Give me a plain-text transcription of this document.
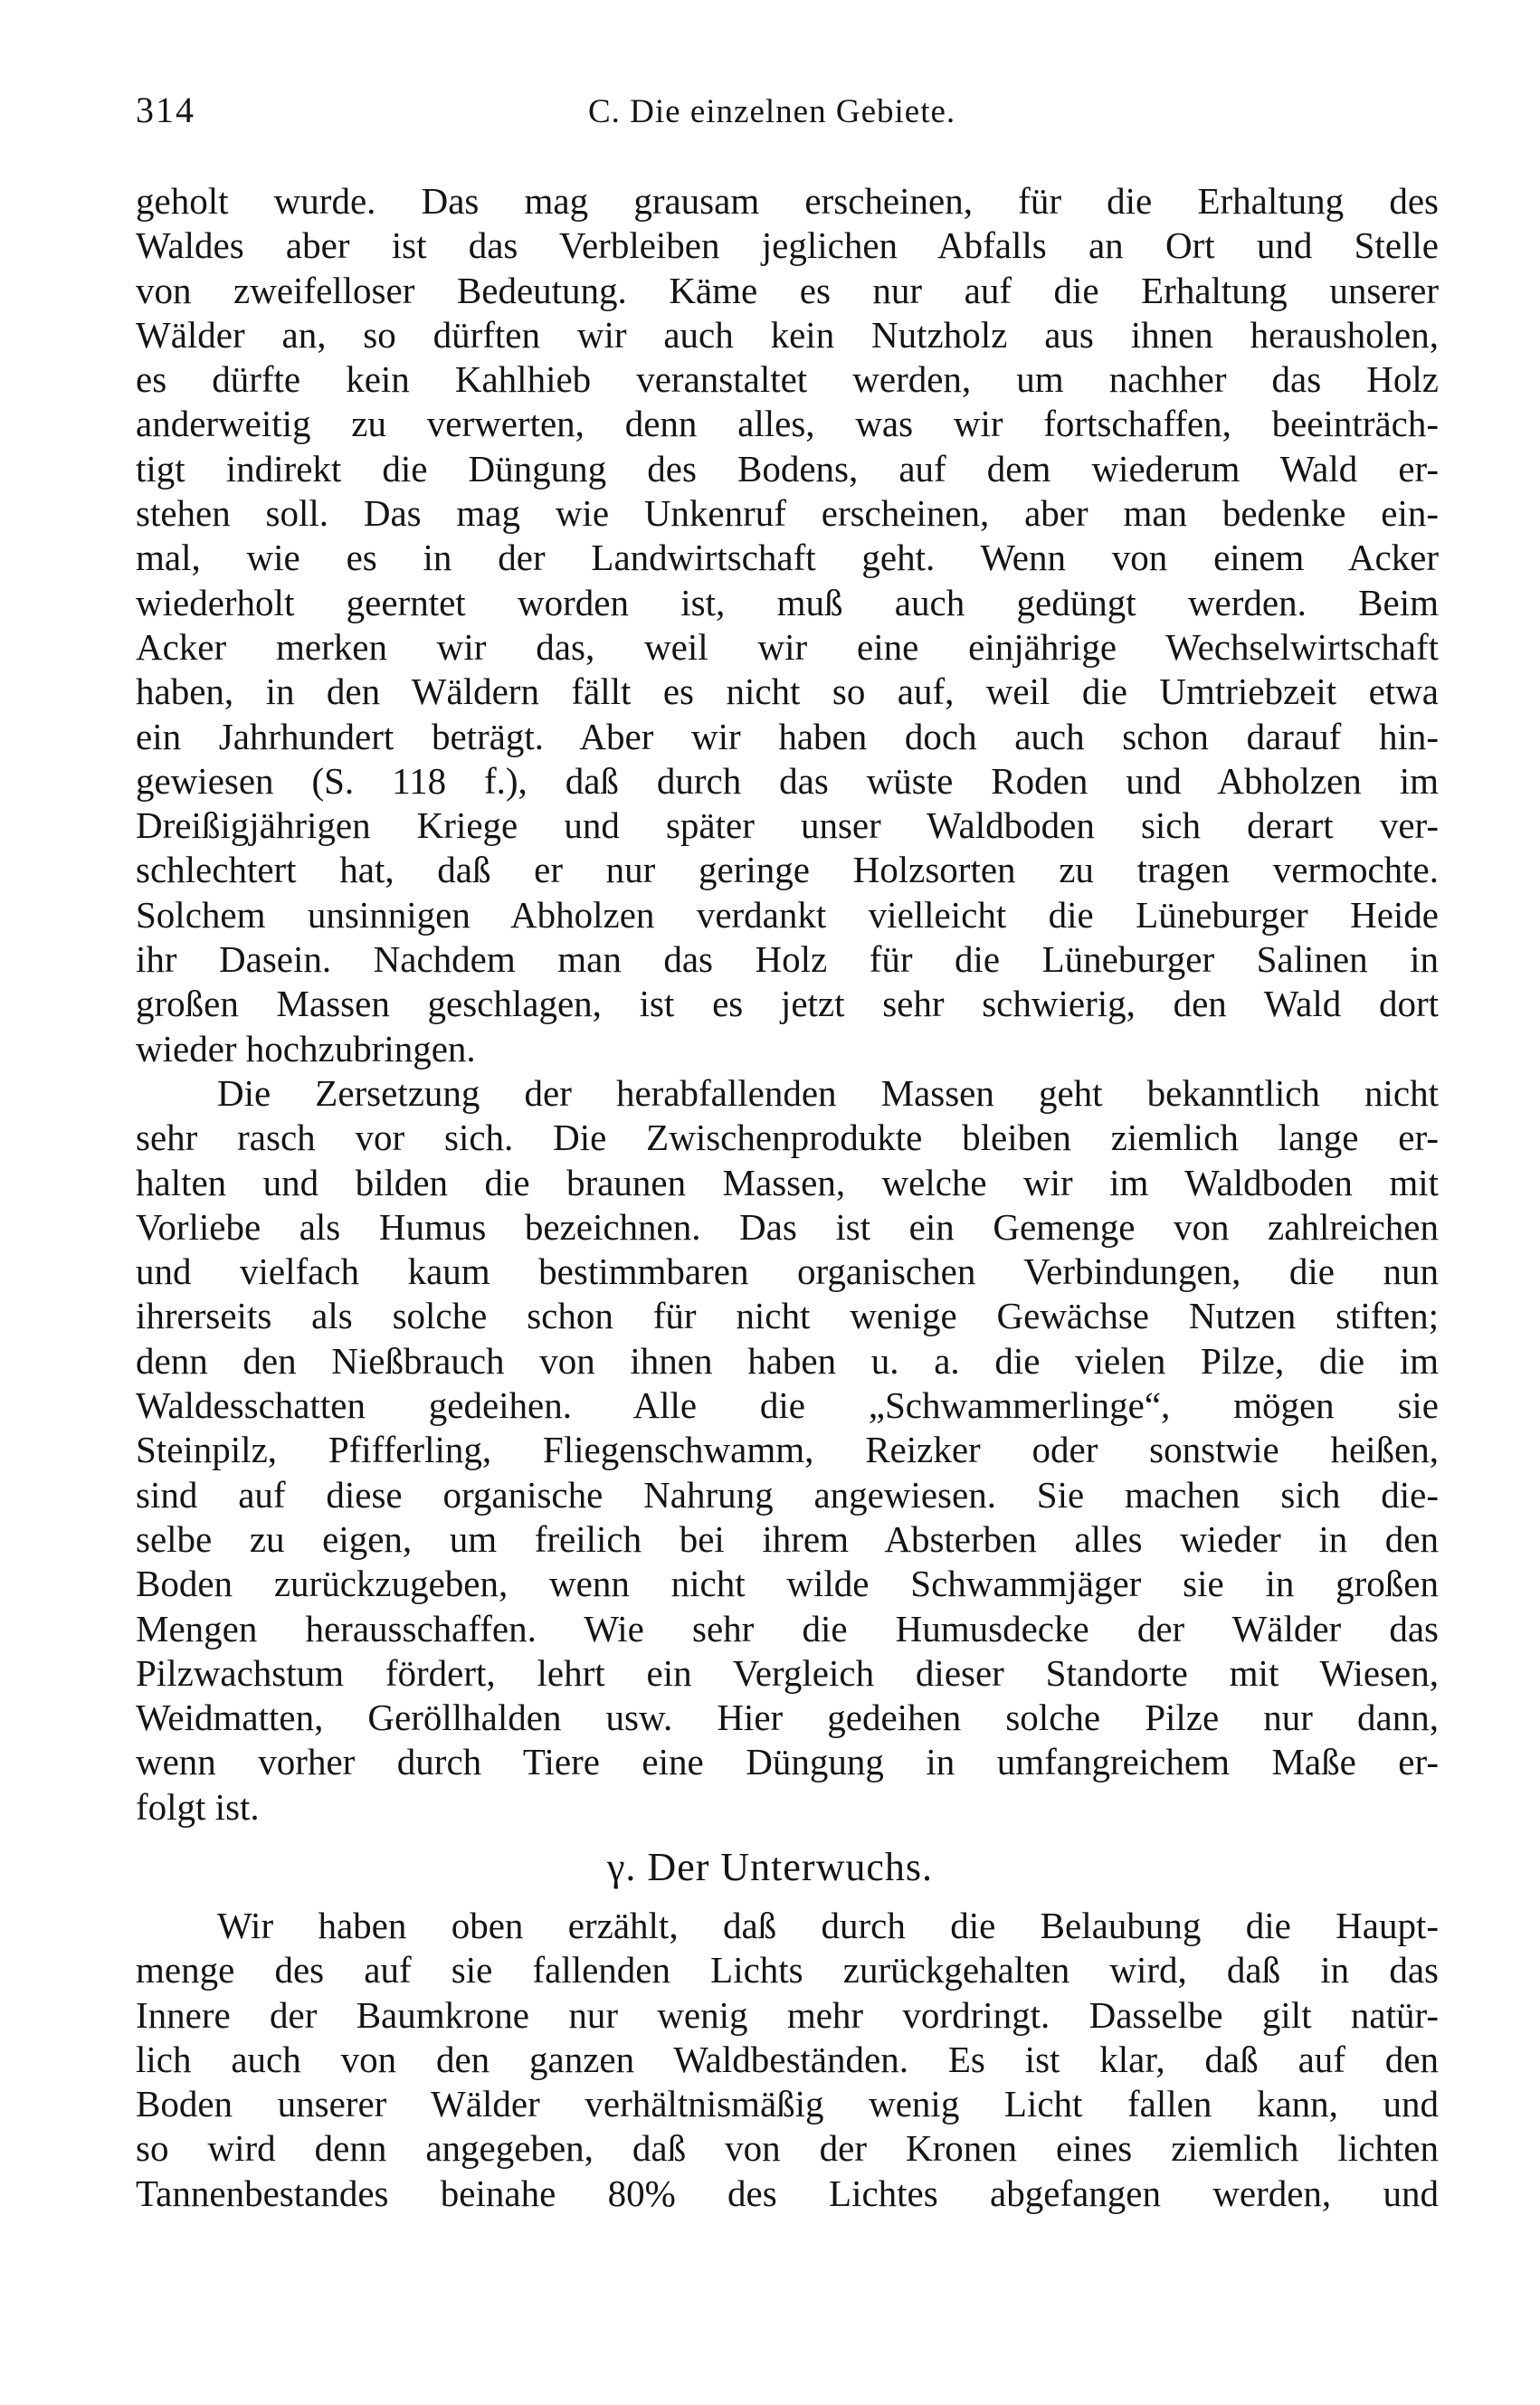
314	C. Die einzelnen Gebiete.
geholt wurde. Das mag grausam erscheinen, für die Erhaltung des
Waldes aber ist das Verbleiben jeglichen Abfalls an Ort und Stelle
von zweifelloser Bedeutung. Käme es nur auf die Erhaltung unserer
Wälder an, so dürften wir auch kein Nutzholz aus ihnen herausholen,
es dürfte kein Kahlhieb veranstaltet werden, um nachher das Holz
anderweitig zu verwerten, denn alles, was wir fortschaffen, beeinträch-
tigt indirekt die Düngung des Bodens, auf dem wiederum Wald er-
stehen soll. Das mag wie Unkenruf erscheinen, aber man bedenke ein-
mal, wie es in der Landwirtschaft geht. Wenn von einem Acker
wiederholt geerntet worden ist, muß auch gedüngt werden. Beim
Acker merken wir das, weil wir eine einjährige Wechselwirtschaft
haben, in den Wäldern fällt es nicht so auf, weil die Umtriebzeit etwa
ein Jahrhundert beträgt. Aber wir haben doch auch schon darauf hin-
gewiesen (S. 118 f.), daß durch das wüste Roden und Abholzen im
Dreißigjährigen Kriege und später unser Waldboden sich derart ver-
schlechtert hat, daß er nur geringe Holzsorten zu tragen vermochte.
Solchem unsinnigen Abholzen verdankt vielleicht die Lüneburger Heide
ihr Dasein. Nachdem man das Holz für die Lüneburger Salinen in
großen Massen geschlagen, ist es jetzt sehr schwierig, den Wald dort
wieder hochzubringen.
Die Zersetzung der herabfallenden Massen geht bekanntlich nicht
sehr rasch vor sich. Die Zwischenprodukte bleiben ziemlich lange er-
halten und bilden die braunen Massen, welche wir im Waldboden mit
Vorliebe als Humus bezeichnen. Das ist ein Gemenge von zahlreichen
und vielfach kaum bestimmbaren organischen Verbindungen, die nun
ihrerseits als solche schon für nicht wenige Gewächse Nutzen stiften;
denn den Nießbrauch von ihnen haben u. a. die vielen Pilze, die im
Waldesschatten gedeihen. Alle die „Schwammerlinge“, mögen sie
Steinpilz, Pfifferling, Fliegenschwamm, Reizker oder sonstwie heißen,
sind auf diese organische Nahrung angewiesen. Sie machen sich die-
selbe zu eigen, um freilich bei ihrem Absterben alles wieder in den
Boden zurückzugeben, wenn nicht wilde Schwammjäger sie in großen
Mengen herausschaffen. Wie sehr die Humusdecke der Wälder das
Pilzwachstum fördert, lehrt ein Vergleich dieser Standorte mit Wiesen,
Weidmatten, Geröllhalden usw. Hier gedeihen solche Pilze nur dann,
wenn vorher durch Tiere eine Düngung in umfangreichem Maße er-
folgt ist.
γ. Der Unterwuchs.
Wir haben oben erzählt, daß durch die Belaubung die Haupt-
menge des auf sie fallenden Lichts zurückgehalten wird, daß in das
Innere der Baumkrone nur wenig mehr vordringt. Dasselbe gilt natür-
lich auch von den ganzen Waldbeständen. Es ist klar, daß auf den
Boden unserer Wälder verhältnismäßig wenig Licht fallen kann, und
so wird denn angegeben, daß von der Kronen eines ziemlich lichten
Tannenbestandes beinahe 80% des Lichtes abgefangen werden, und
